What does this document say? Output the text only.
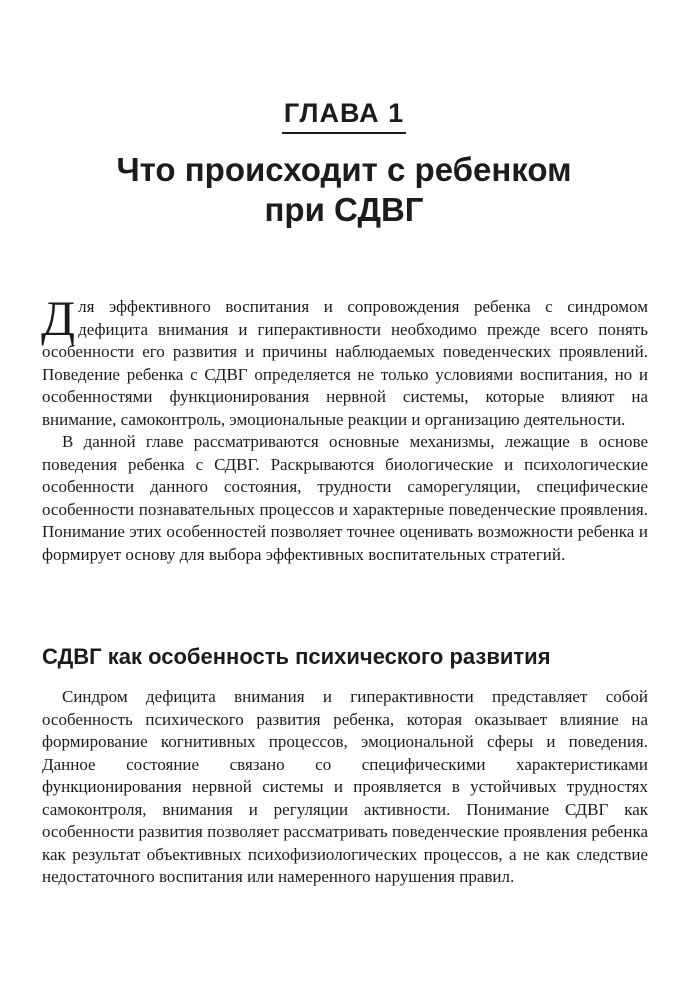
ГЛАВА 1
Что происходит с ребенком
при СДВГ

Для эффективного воспитания и сопровождения ребенка с синдромом дефицита внимания и гиперактивности необходимо прежде всего понять особенности его развития и причины наблюдаемых поведенческих проявлений. Поведение ребенка с СДВГ определяется не только условиями воспитания, но и особенностями функционирования нервной системы, которые влияют на внимание, самоконтроль, эмоциональные реакции и организацию деятельности.

В данной главе рассматриваются основные механизмы, лежащие в основе поведения ребенка с СДВГ. Раскрываются биологические и психологические особенности данного состояния, трудности саморегуляции, специфические особенности познавательных процессов и характерные поведенческие проявления. Понимание этих особенностей позволяет точнее оценивать возможности ребенка и формирует основу для выбора эффективных воспитательных стратегий.

СДВГ как особенность психического развития

Синдром дефицита внимания и гиперактивности представляет собой особенность психического развития ребенка, которая оказывает влияние на формирование когнитивных процессов, эмоциональной сферы и поведения. Данное состояние связано со специфическими характеристиками функционирования нервной системы и проявляется в устойчивых трудностях самоконтроля, внимания и регуляции активности. Понимание СДВГ как особенности развития позволяет рассматривать поведенческие проявления ребенка как результат объективных психофизиологических процессов, а не как следствие недостаточного воспитания или намеренного нарушения правил.
